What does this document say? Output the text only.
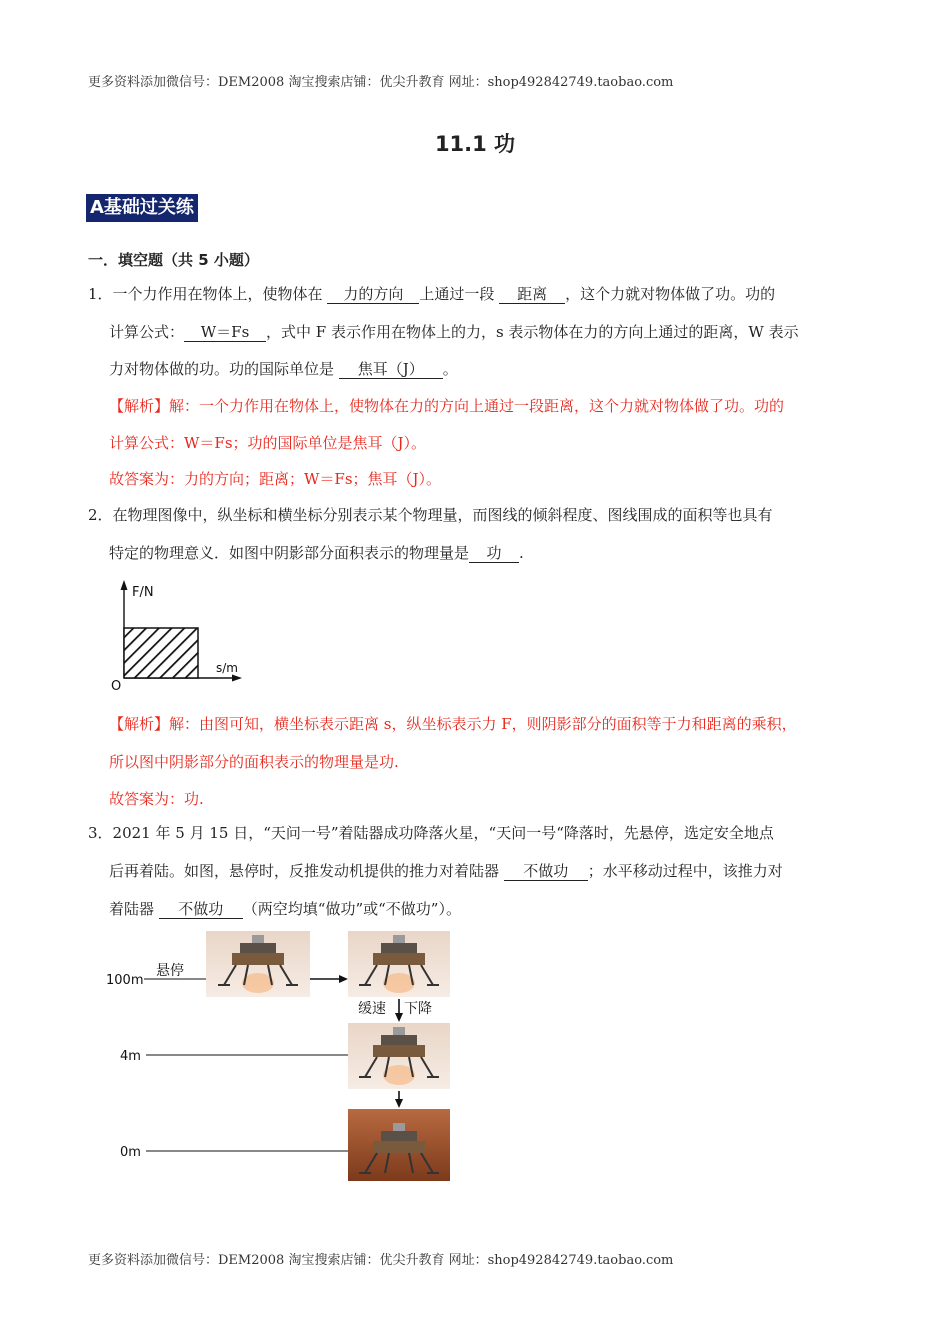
更多资料添加微信号：DEM2008 淘宝搜索店铺：优尖升教育 网址：shop492842749.taobao.com
11.1 功
A基础过关练
一．填空题（共 5 小题）
1．一个力作用在物体上，使物体在 力的方向 上通过一段 距离 ，这个力就对物体做了功。功的
计算公式： W＝Fs ，式中 F 表示作用在物体上的力，s 表示物体在力的方向上通过的距离，W 表示
力对物体做的功。功的国际单位是 焦耳（J） 。
【解析】解：一个力作用在物体上，使物体在力的方向上通过一段距离，这个力就对物体做了功。功的
计算公式：W＝Fs；功的国际单位是焦耳（J）。
故答案为：力的方向；距离；W＝Fs；焦耳（J）。
2．在物理图像中，纵坐标和横坐标分别表示某个物理量，而图线的倾斜程度、图线围成的面积等也具有
特定的物理意义．如图中阴影部分面积表示的物理量是 功 .
F/N
s/m
O
【解析】解：由图可知，横坐标表示距离 s，纵坐标表示力 F，则阴影部分的面积等于力和距离的乘积，
所以图中阴影部分的面积表示的物理量是功.
故答案为：功.
3．2021 年 5 月 15 日，“天问一号”着陆器成功降落火星，“天问一号“降落时，先悬停，选定安全地点
后再着陆。如图，悬停时，反推发动机提供的推力对着陆器 不做功 ；水平移动过程中，该推力对
着陆器 不做功 （两空均填“做功”或“不做功”）。
100m
悬停
缓速 下降
4m
0m
更多资料添加微信号：DEM2008 淘宝搜索店铺：优尖升教育 网址：shop492842749.taobao.com
